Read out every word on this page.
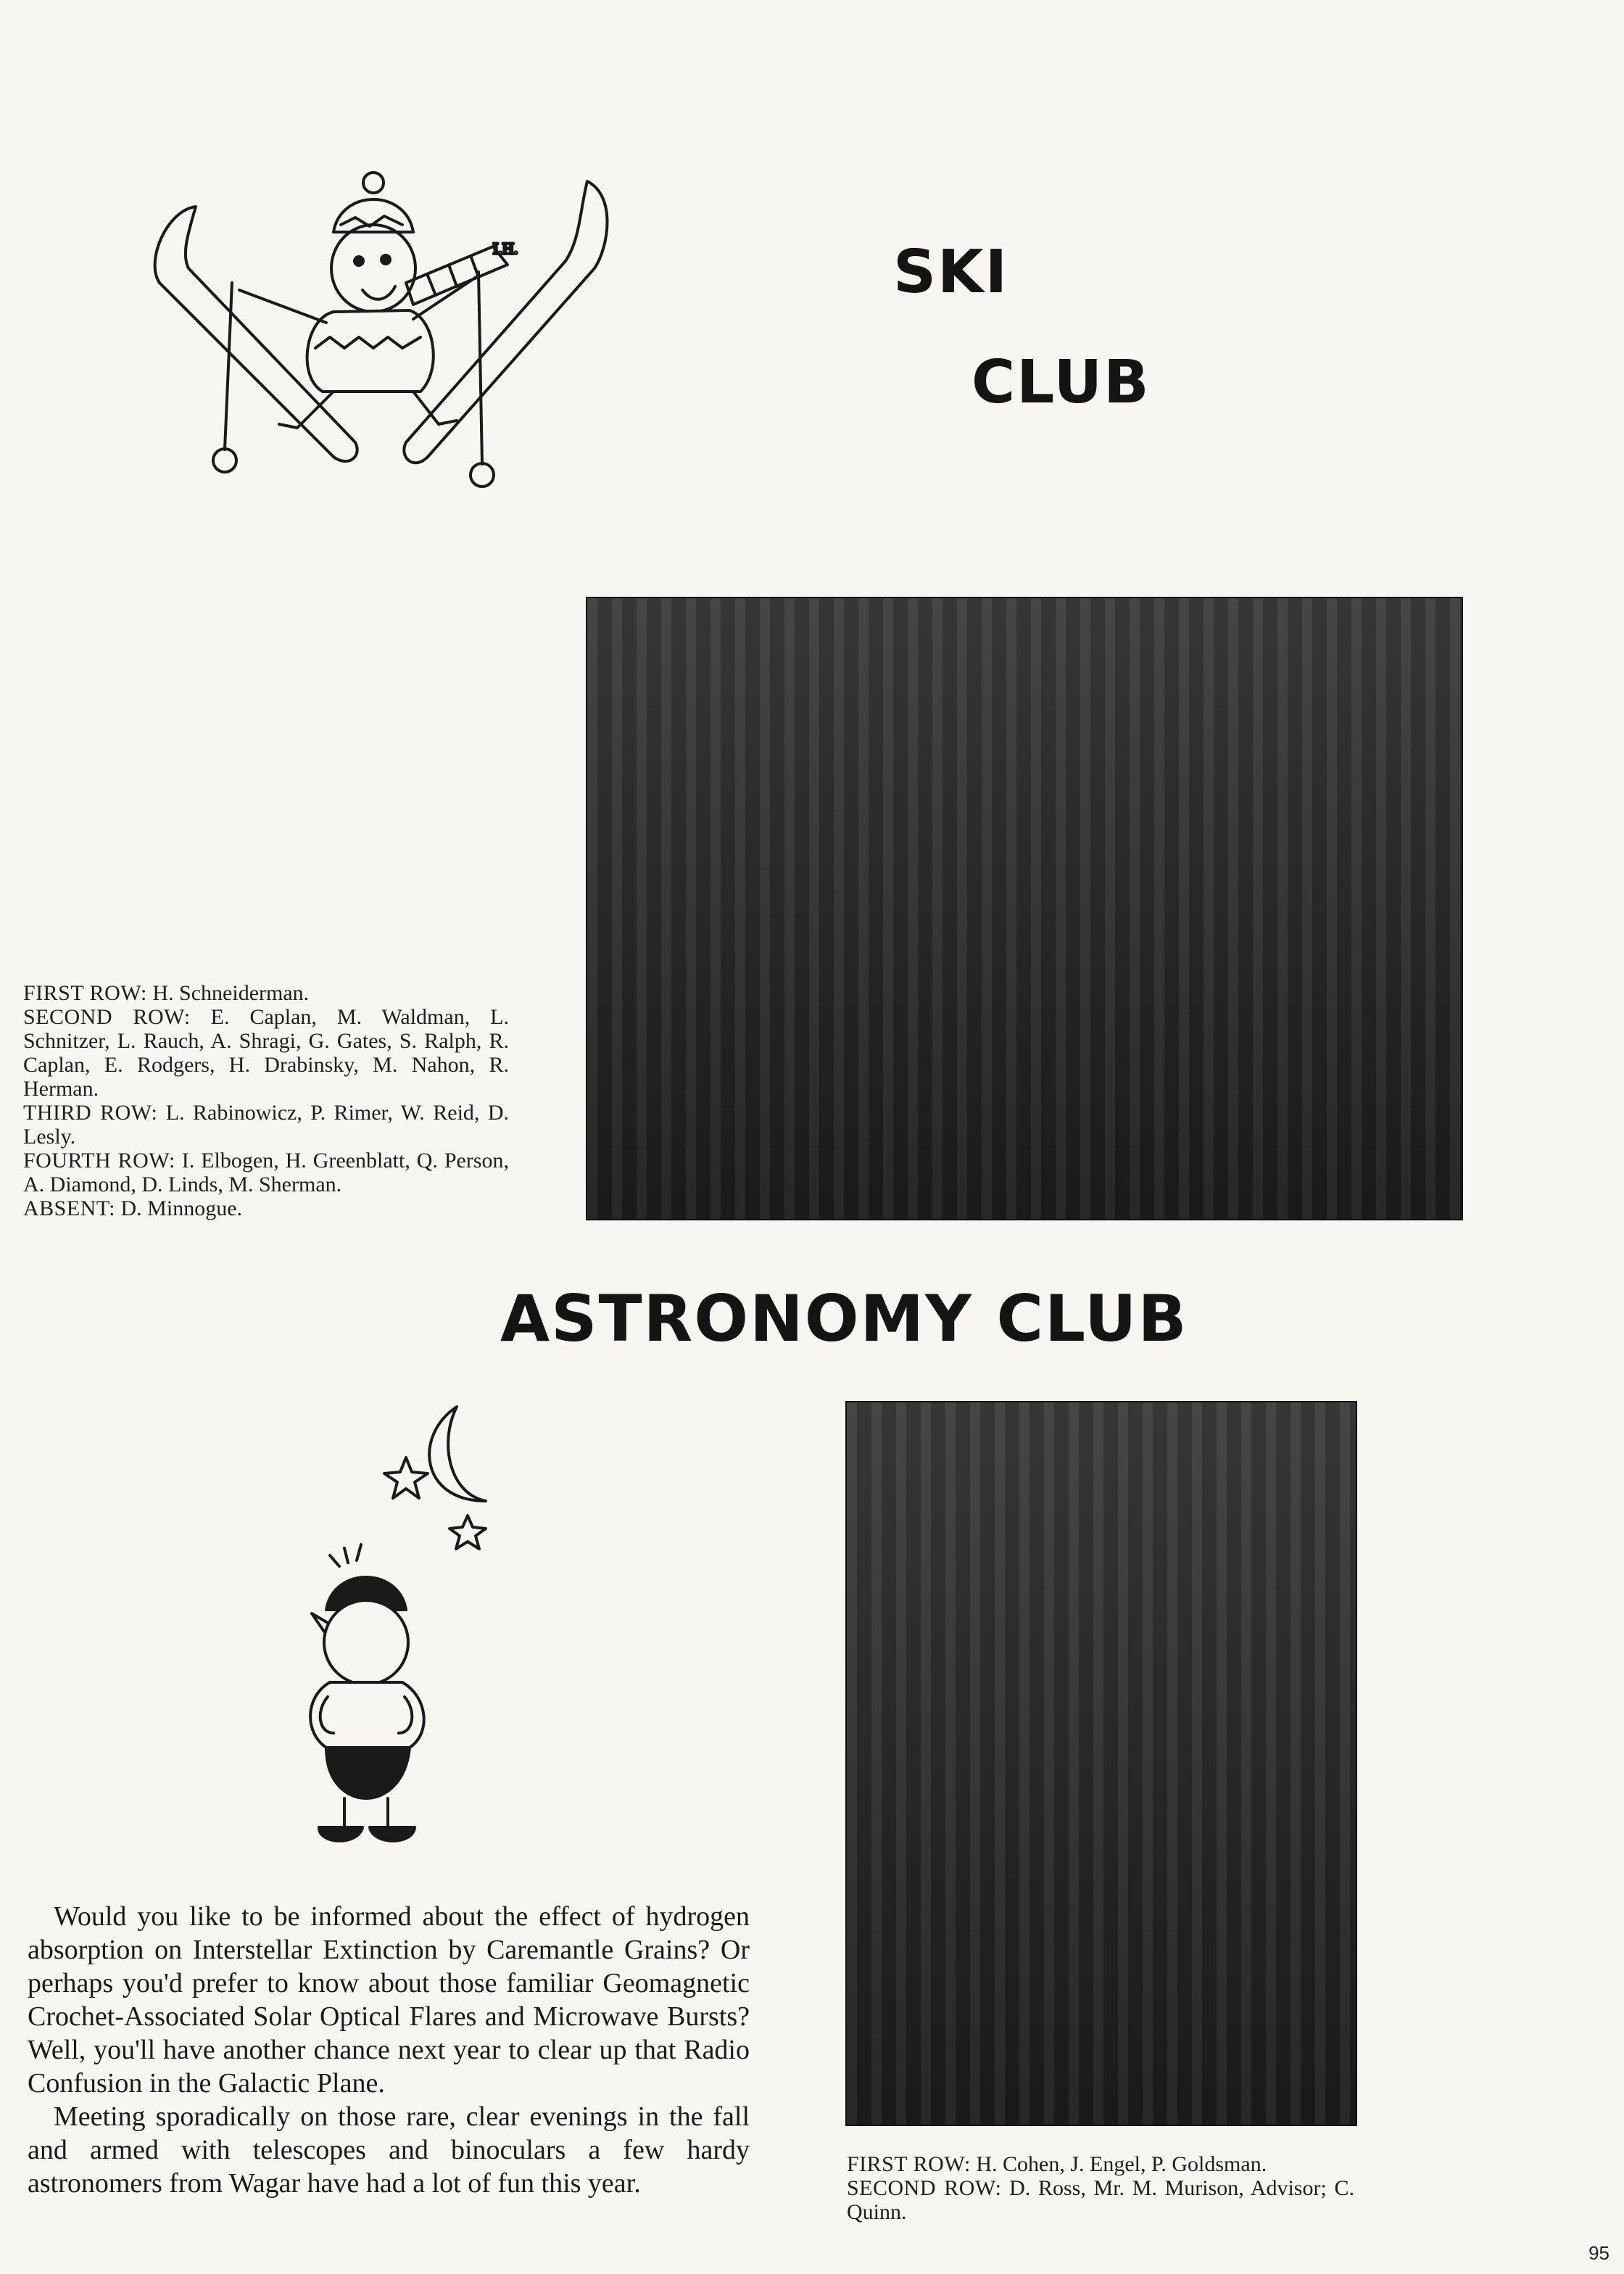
I.H.	SKI
CLUB

FIRST ROW: H. Schneiderman.

SECOND ROW: E. Caplan, M. Waldman, L. Schnitzer, L. Rauch, A. Shragi, G. Gates, S. Ralph, R. Caplan, E. Rodgers, H. Drabinsky, M. Nahon, R. Herman.

THIRD ROW: L. Rabinowicz, P. Rimer, W. Reid, D. Lesly.

FOURTH ROW: I. Elbogen, H. Greenblatt, Q. Person, A. Diamond, D. Linds, M. Sherman.

ABSENT: D. Minnogue.

ASTRONOMY CLUB

Would you like to be informed about the effect of hydrogen absorption on Interstellar Extinction by Caremantle Grains? Or perhaps you'd prefer to know about those familiar Geomagnetic Crochet-Associated Solar Optical Flares and Microwave Bursts? Well, you'll have another chance next year to clear up that Radio Confusion in the Galactic Plane.

Meeting sporadically on those rare, clear evenings in the fall and armed with telescopes and binoculars a few hardy astronomers from Wagar have had a lot of fun this year.

FIRST ROW: H. Cohen, J. Engel, P. Goldsman.

SECOND ROW: D. Ross, Mr. M. Murison, Advisor; C. Quinn.

95
